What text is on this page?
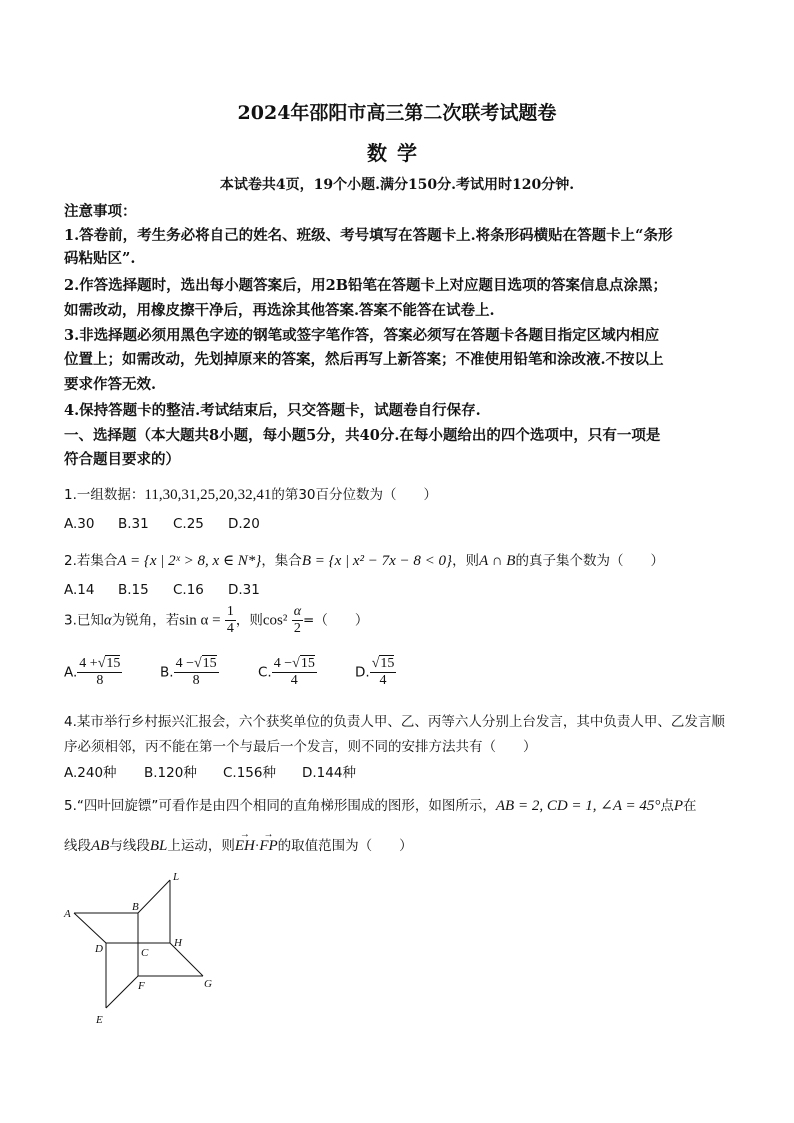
2024年邵阳市高三第二次联考试题卷
数学
本试卷共4页，19个小题.满分150分.考试用时120分钟.
注意事项：
1.答卷前，考生务必将自己的姓名、班级、考号填写在答题卡上.将条形码横贴在答题卡上“条形
码粘贴区”.
2.作答选择题时，选出每小题答案后，用2B铅笔在答题卡上对应题目选项的答案信息点涂黑；
如需改动，用橡皮擦干净后，再选涂其他答案.答案不能答在试卷上.
3.非选择题必须用黑色字迹的钢笔或签字笔作答，答案必须写在答题卡各题目指定区域内相应
位置上；如需改动，先划掉原来的答案，然后再写上新答案；不准使用铅笔和涂改液.不按以上
要求作答无效.
4.保持答题卡的整洁.考试结束后，只交答题卡，试题卷自行保存.
一、选择题（本大题共8小题，每小题5分，共40分.在每小题给出的四个选项中，只有一项是
符合题目要求的）
1.一组数据：11,30,31,25,20,32,41的第30百分位数为（　　）
A.30 B.31 C.25 D.20
2.若集合A = {x | 2ˣ > 8, x ∈ N*}，集合B = {x | x² − 7x − 8 < 0}，则A ∩ B的真子集个数为（　　）
A.14 B.15 C.16 D.31
3.已知α为锐角，若$\sin \alpha = \frac{1}{4}$ ，则$\cos^2 \frac{\alpha}{2}$ =（　　）
A. $\frac{4 +√15}{8}$	B. $\frac{4 -√15}{8}$	C. $\frac{4 -√15}{4}$	D. $\frac{√15}{4}$
4.某市举行乡村振兴汇报会，六个获奖单位的负责人甲、乙、丙等六人分别上台发言，其中负责人甲、乙发言顺
序必须相邻，丙不能在第一个与最后一个发言，则不同的安排方法共有（　　）
A.240种 B.120种 C.156种 D.144种
5.“四叶回旋镖”可看作是由四个相同的直角梯形围成的图形，如图所示，AB = 2, CD = 1, ∠A = 45°点P在
线段AB与线段BL上运动，则
→
EH·
→
FP的取值范围为（　　）
A
B
L
D	C
H
F	G
E
